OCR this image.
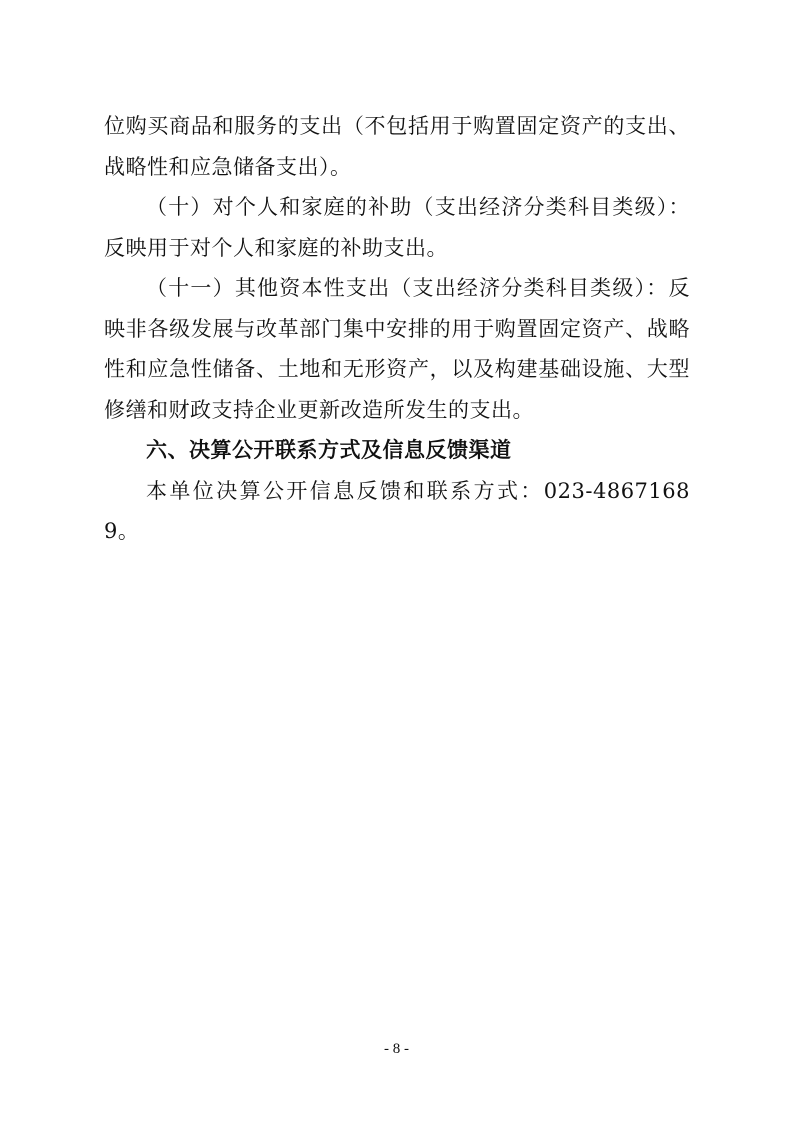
位购买商品和服务的支出（不包括用于购置固定资产的支出、战略性和应急储备支出）。

（十）对个人和家庭的补助（支出经济分类科目类级）：反映用于对个人和家庭的补助支出。

（十一）其他资本性支出（支出经济分类科目类级）：反映非各级发展与改革部门集中安排的用于购置固定资产、战略性和应急性储备、土地和无形资产，以及构建基础设施、大型修缮和财政支持企业更新改造所发生的支出。

六、决算公开联系方式及信息反馈渠道

本单位决算公开信息反馈和联系方式：023-48671689。

- 8 -
